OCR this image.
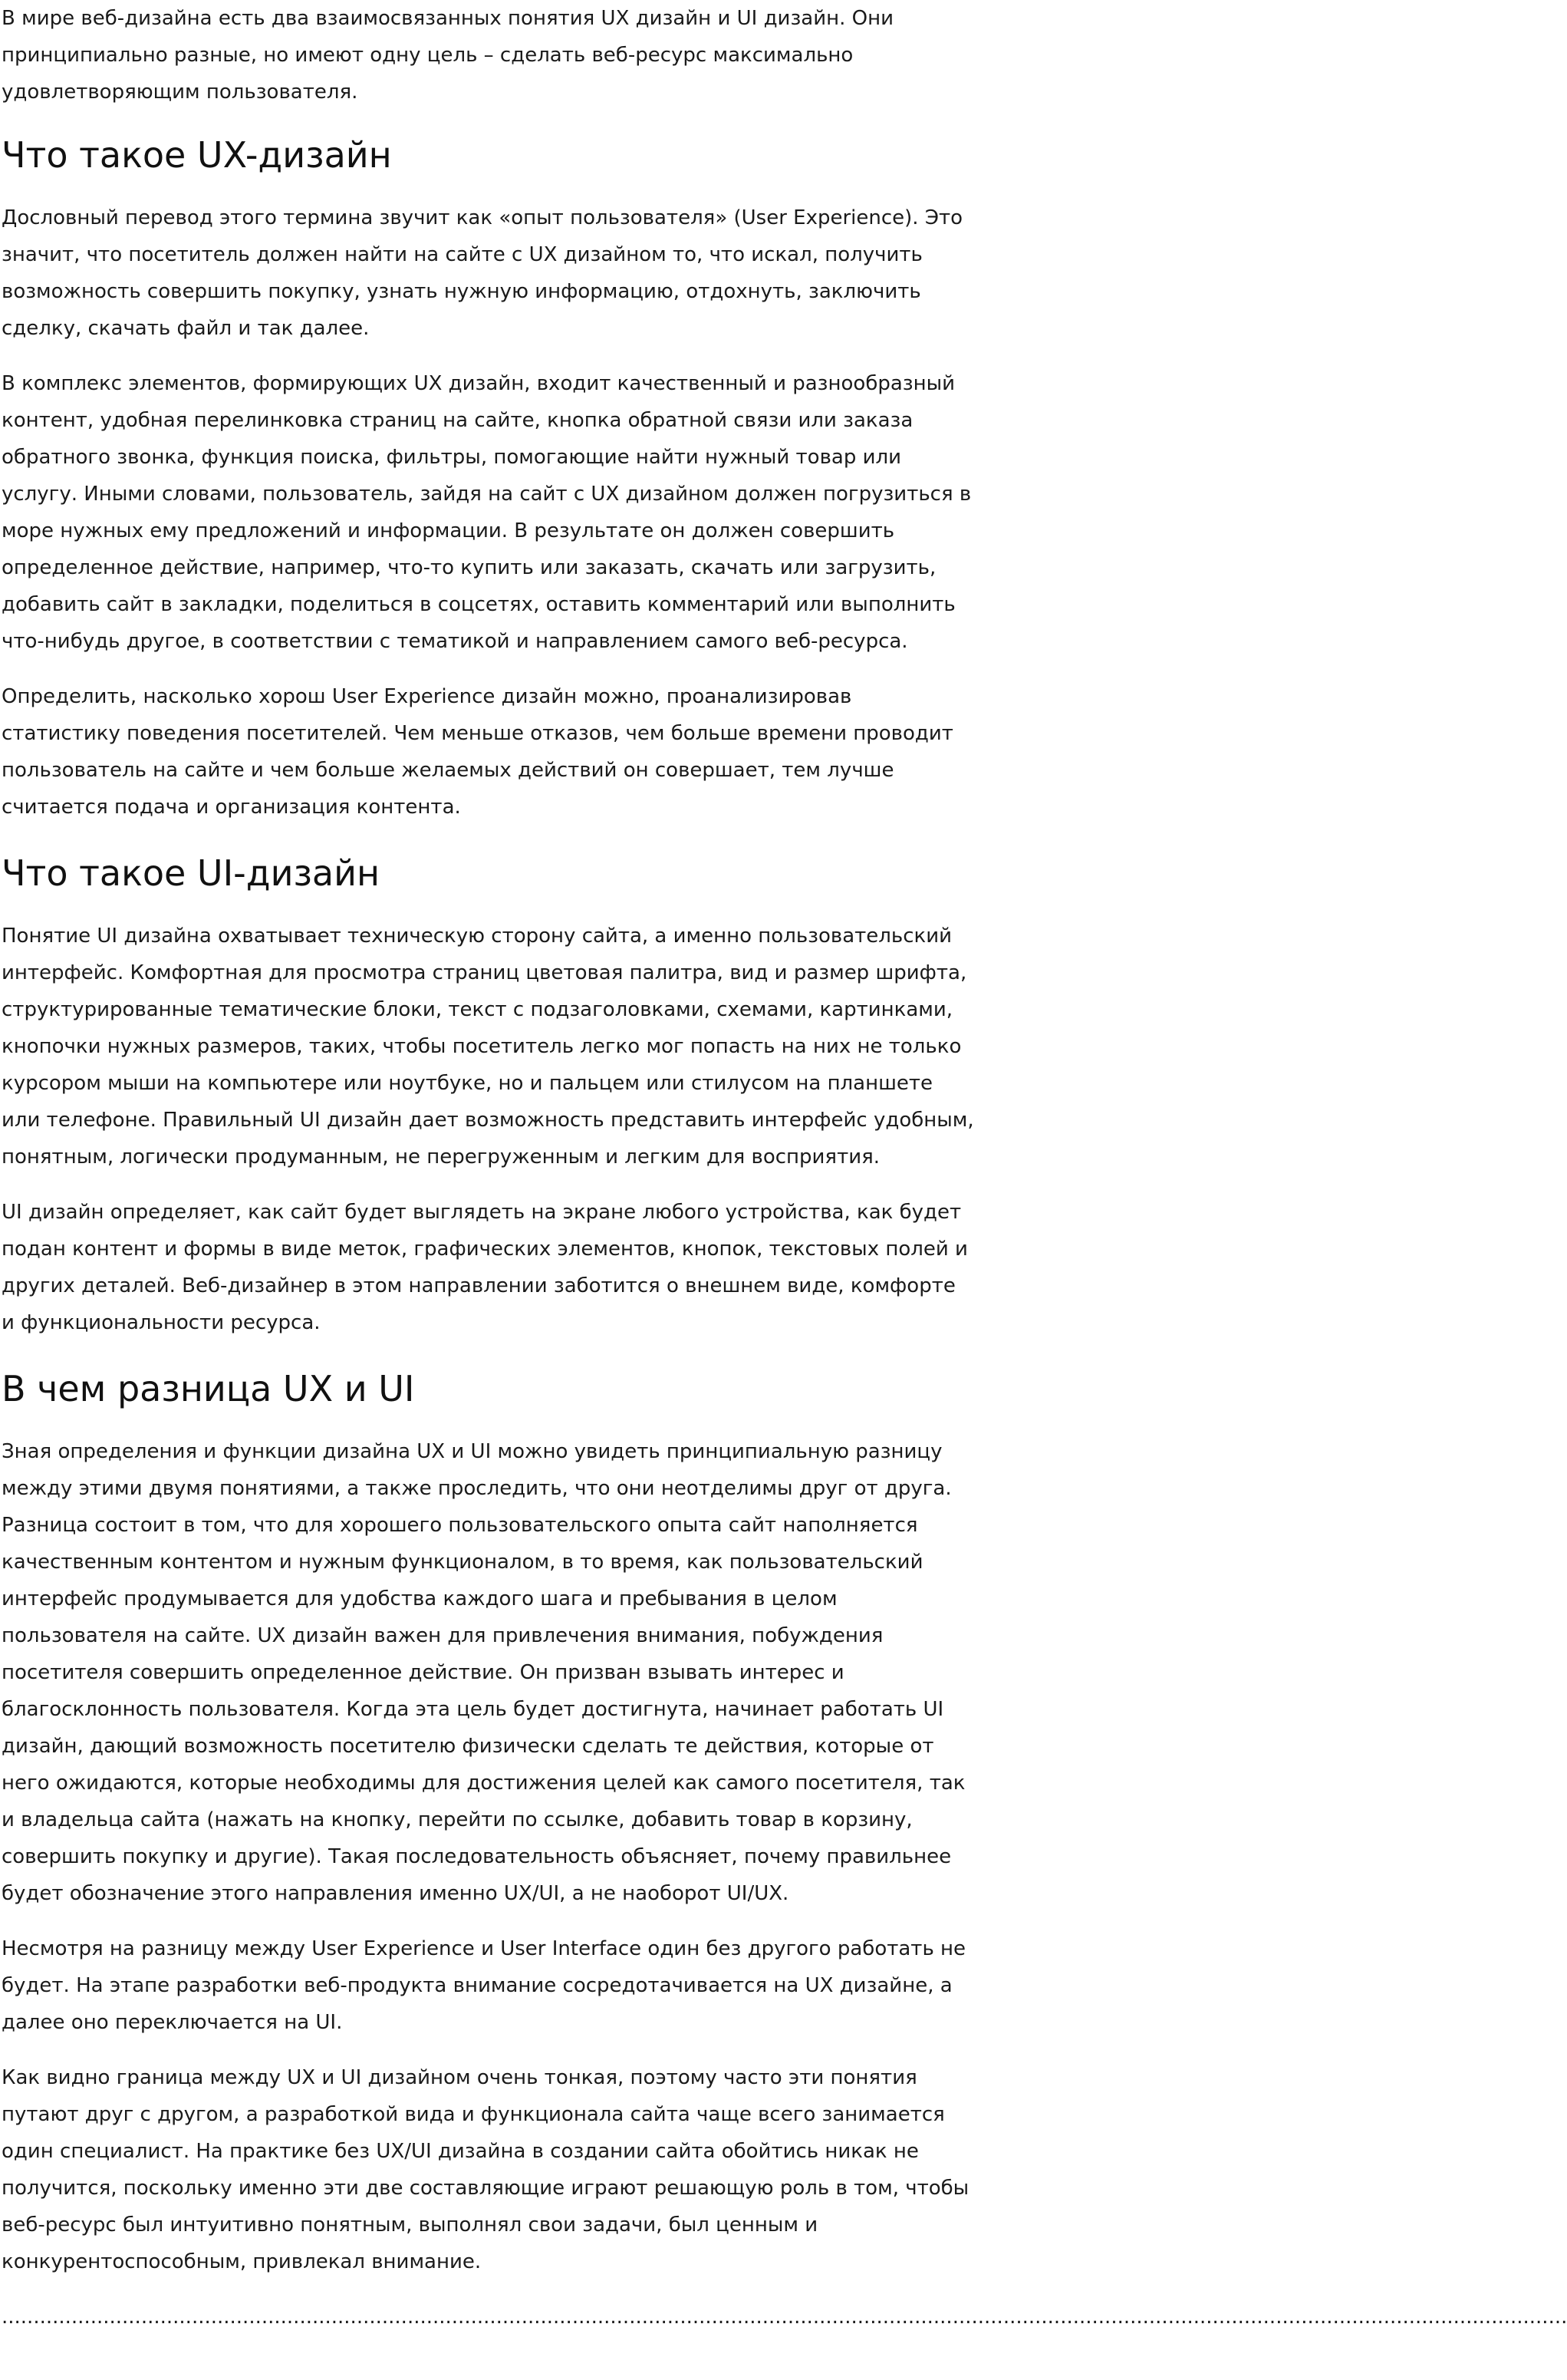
В мире веб-дизайна есть два взаимосвязанных понятия UX дизайн и UI дизайн. Они принципиально разные, но имеют одну цель – сделать веб-ресурс максимально удовлетворяющим пользователя.

Что такое UX-дизайн

Дословный перевод этого термина звучит как «опыт пользователя» (User Experience). Это значит, что посетитель должен найти на сайте с UX дизайном то, что искал, получить возможность совершить покупку, узнать нужную информацию, отдохнуть, заключить сделку, скачать файл и так далее.

В комплекс элементов, формирующих UX дизайн, входит качественный и разнообразный контент, удобная перелинковка страниц на сайте, кнопка обратной связи или заказа обратного звонка, функция поиска, фильтры, помогающие найти нужный товар или услугу. Иными словами, пользователь, зайдя на сайт с UX дизайном должен погрузиться в море нужных ему предложений и информации. В результате он должен совершить определенное действие, например, что-то купить или заказать, скачать или загрузить, добавить сайт в закладки, поделиться в соцсетях, оставить комментарий или выполнить что-нибудь другое, в соответствии с тематикой и направлением самого веб-ресурса.

Определить, насколько хорош User Experience дизайн можно, проанализировав статистику поведения посетителей. Чем меньше отказов, чем больше времени проводит пользователь на сайте и чем больше желаемых действий он совершает, тем лучше считается подача и организация контента.

Что такое UI-дизайн

Понятие UI дизайна охватывает техническую сторону сайта, а именно пользовательский интерфейс. Комфортная для просмотра страниц цветовая палитра, вид и размер шрифта, структурированные тематические блоки, текст с подзаголовками, схемами, картинками, кнопочки нужных размеров, таких, чтобы посетитель легко мог попасть на них не только курсором мыши на компьютере или ноутбуке, но и пальцем или стилусом на планшете или телефоне. Правильный UI дизайн дает возможность представить интерфейс удобным, понятным, логически продуманным, не перегруженным и легким для восприятия.

UI дизайн определяет, как сайт будет выглядеть на экране любого устройства, как будет подан контент и формы в виде меток, графических элементов, кнопок, текстовых полей и других деталей. Веб-дизайнер в этом направлении заботится о внешнем виде, комфорте и функциональности ресурса.

В чем разница UX и UI

Зная определения и функции дизайна UX и UI можно увидеть принципиальную разницу между этими двумя понятиями, а также проследить, что они неотделимы друг от друга. Разница состоит в том, что для хорошего пользовательского опыта сайт наполняется качественным контентом и нужным функционалом, в то время, как пользовательский интерфейс продумывается для удобства каждого шага и пребывания в целом пользователя на сайте. UX дизайн важен для привлечения внимания, побуждения посетителя совершить определенное действие. Он призван взывать интерес и благосклонность пользователя. Когда эта цель будет достигнута, начинает работать UI дизайн, дающий возможность посетителю физически сделать те действия, которые от него ожидаются, которые необходимы для достижения целей как самого посетителя, так и владельца сайта (нажать на кнопку, перейти по ссылке, добавить товар в корзину, совершить покупку и другие). Такая последовательность объясняет, почему правильнее будет обозначение этого направления именно UX/UI, а не наоборот UI/UX.

Несмотря на разницу между User Experience и User Interface один без другого работать не будет. На этапе разработки веб-продукта внимание сосредотачивается на UX дизайне, а далее оно переключается на UI.

Как видно граница между UX и UI дизайном очень тонкая, поэтому часто эти понятия путают друг с другом, а разработкой вида и функционала сайта чаще всего занимается один специалист. На практике без UX/UI дизайна в создании сайта обойтись никак не получится, поскольку именно эти две составляющие играют решающую роль в том, чтобы веб-ресурс был интуитивно понятным, выполнял свои задачи, был ценным и конкурентоспособным, привлекал внимание.

.......................................................................................................................................................................................................................................................
